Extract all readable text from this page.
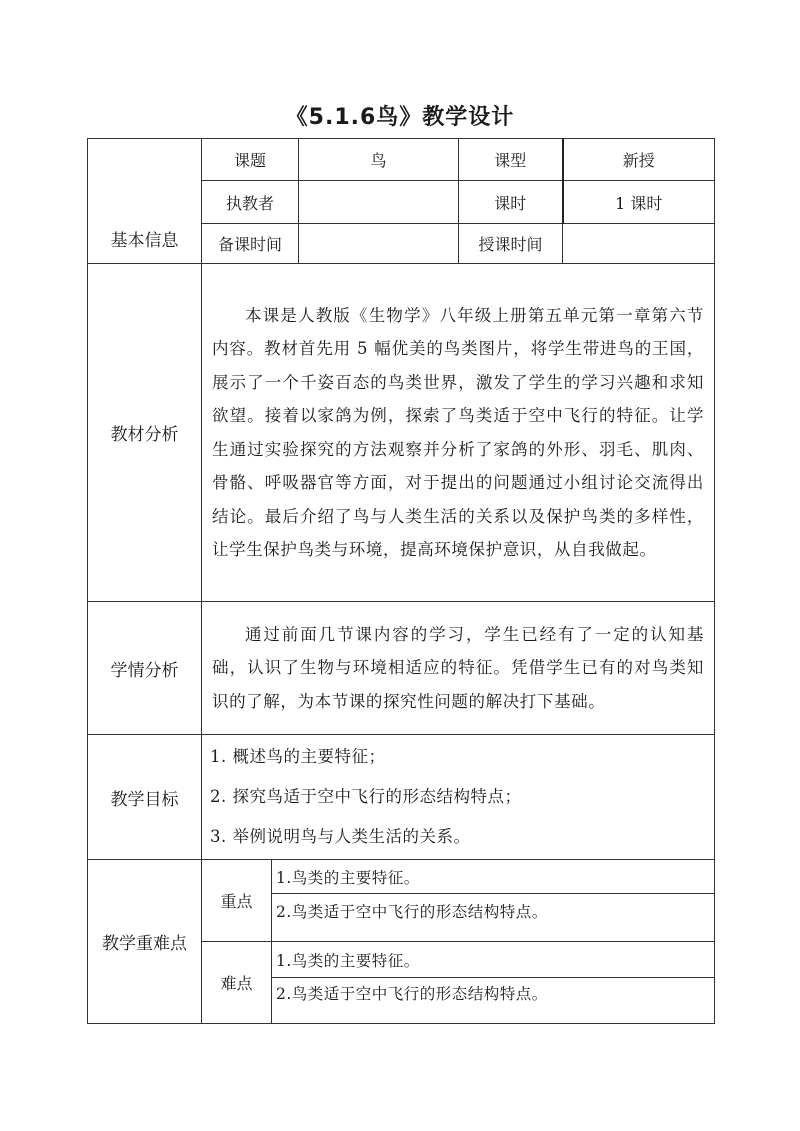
《5.1.6鸟》教学设计
基本信息	课题		鸟	课型	新授
	执教者			课时	1 课时
	备课时间			授课时间	

教材分析	本课是人教版《生物学》八年级上册第五单元第一章第六节内容。教材首先用 5 幅优美的鸟类图片，将学生带进鸟的王国，展示了一个千姿百态的鸟类世界，激发了学生的学习兴趣和求知欲望。接着以家鸽为例，探索了鸟类适于空中飞行的特征。让学生通过实验探究的方法观察并分析了家鸽的外形、羽毛、肌肉、骨骼、呼吸器官等方面，对于提出的问题通过小组讨论交流得出结论。最后介绍了鸟与人类生活的关系以及保护鸟类的多样性，让学生保护鸟类与环境，提高环境保护意识，从自我做起。				
学情分析	通过前面几节课内容的学习，学生已经有了一定的认知基础，认识了生物与环境相适应的特征。凭借学生已有的对鸟类知识的了解，为本节课的探究性问题的解决打下基础。				
教学目标	1. 概述鸟的主要特征；
2. 探究鸟适于空中飞行的形态结构特点；
3. 举例说明鸟与人类生活的关系。				

教学重难点	重点	1.鸟类的主要特征。			
		2.鸟类适于空中飞行的形态结构特点。			
	难点	1.鸟类的主要特征。			
		2.鸟类适于空中飞行的形态结构特点。			
